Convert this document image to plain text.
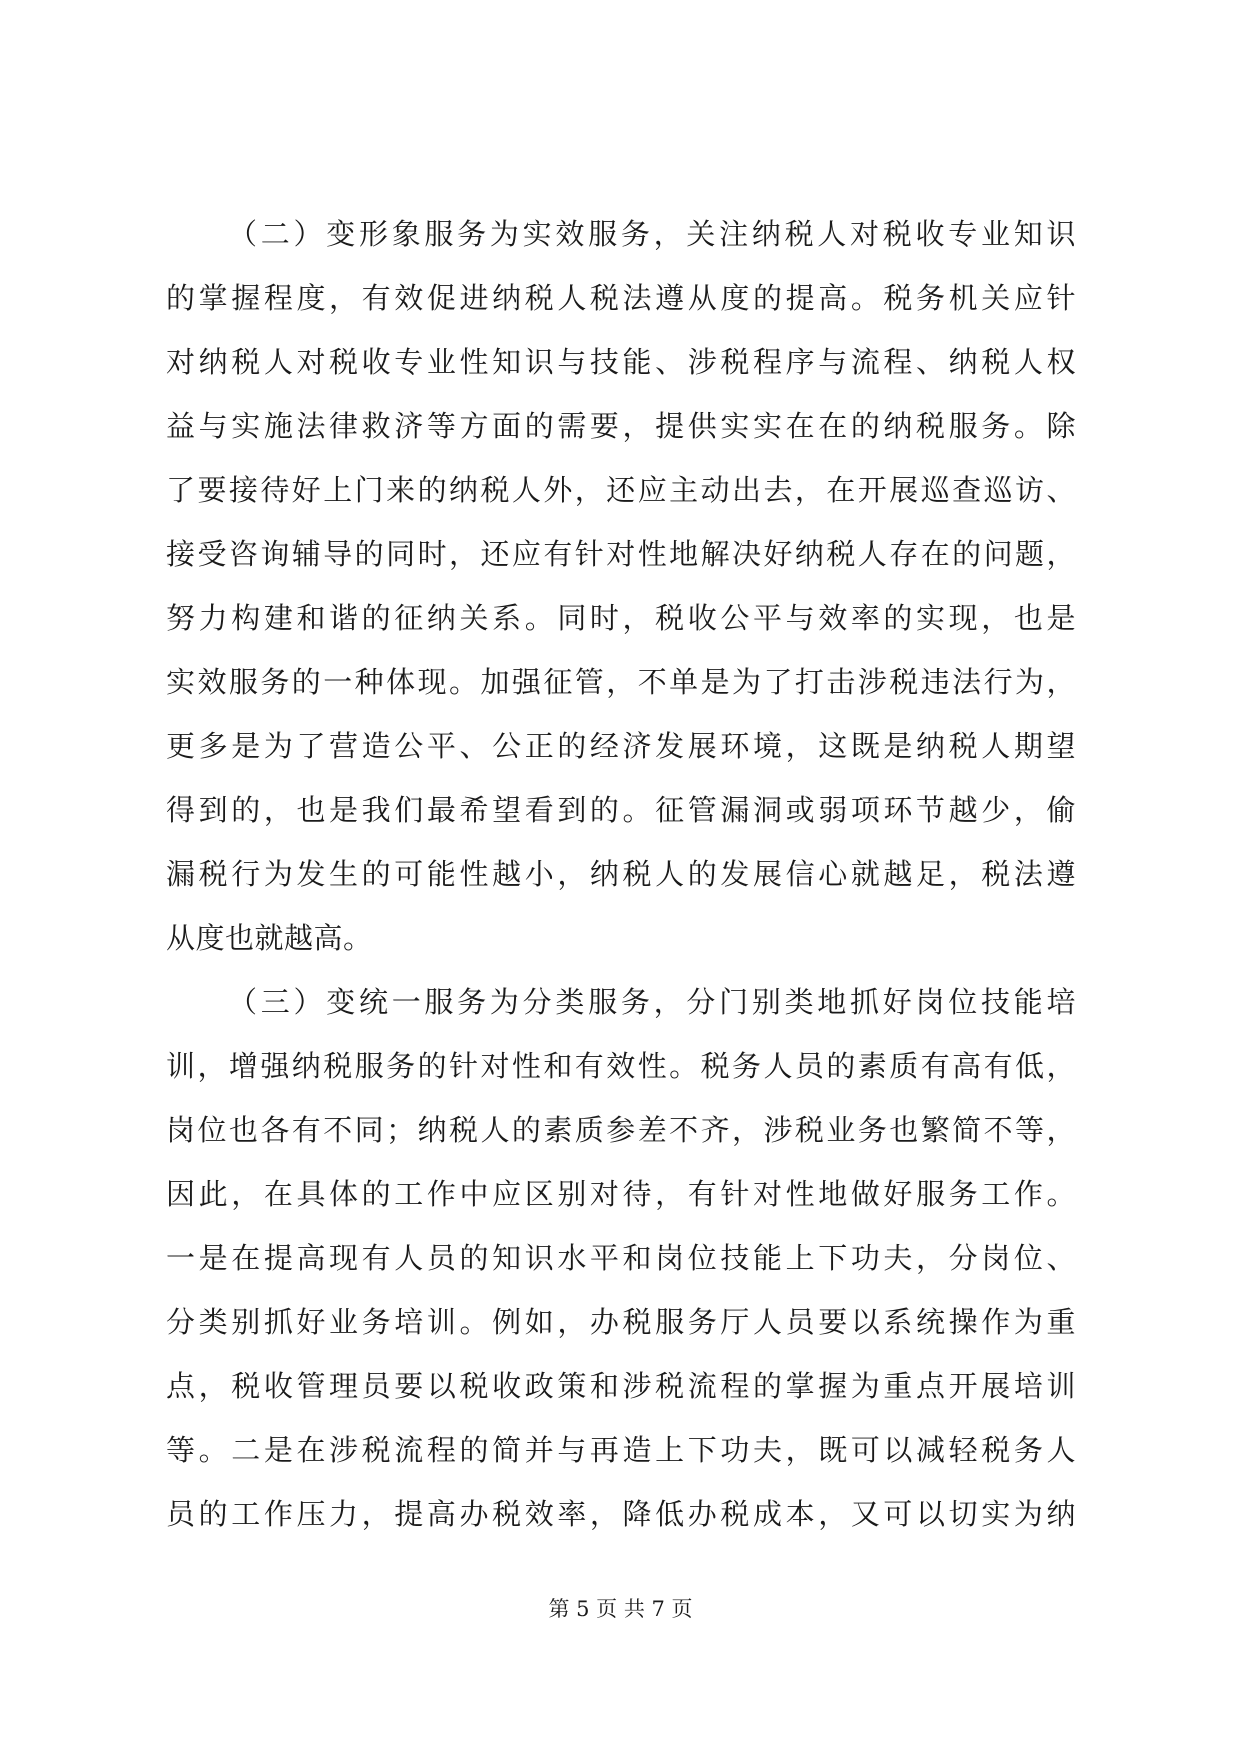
（二）变形象服务为实效服务，关注纳税人对税收专业知识
的掌握程度，有效促进纳税人税法遵从度的提高。税务机关应针
对纳税人对税收专业性知识与技能、涉税程序与流程、纳税人权
益与实施法律救济等方面的需要，提供实实在在的纳税服务。除
了要接待好上门来的纳税人外，还应主动出去，在开展巡查巡访、
接受咨询辅导的同时，还应有针对性地解决好纳税人存在的问题，
努力构建和谐的征纳关系。同时，税收公平与效率的实现，也是
实效服务的一种体现。加强征管，不单是为了打击涉税违法行为，
更多是为了营造公平、公正的经济发展环境，这既是纳税人期望
得到的，也是我们最希望看到的。征管漏洞或弱项环节越少，偷
漏税行为发生的可能性越小，纳税人的发展信心就越足，税法遵
从度也就越高。
（三）变统一服务为分类服务，分门别类地抓好岗位技能培
训，增强纳税服务的针对性和有效性。税务人员的素质有高有低，
岗位也各有不同；纳税人的素质参差不齐，涉税业务也繁简不等，
因此，在具体的工作中应区别对待，有针对性地做好服务工作。
一是在提高现有人员的知识水平和岗位技能上下功夫，分岗位、
分类别抓好业务培训。例如，办税服务厅人员要以系统操作为重
点，税收管理员要以税收政策和涉税流程的掌握为重点开展培训
等。二是在涉税流程的简并与再造上下功夫，既可以减轻税务人
员的工作压力，提高办税效率，降低办税成本，又可以切实为纳
第 5 页 共 7 页
